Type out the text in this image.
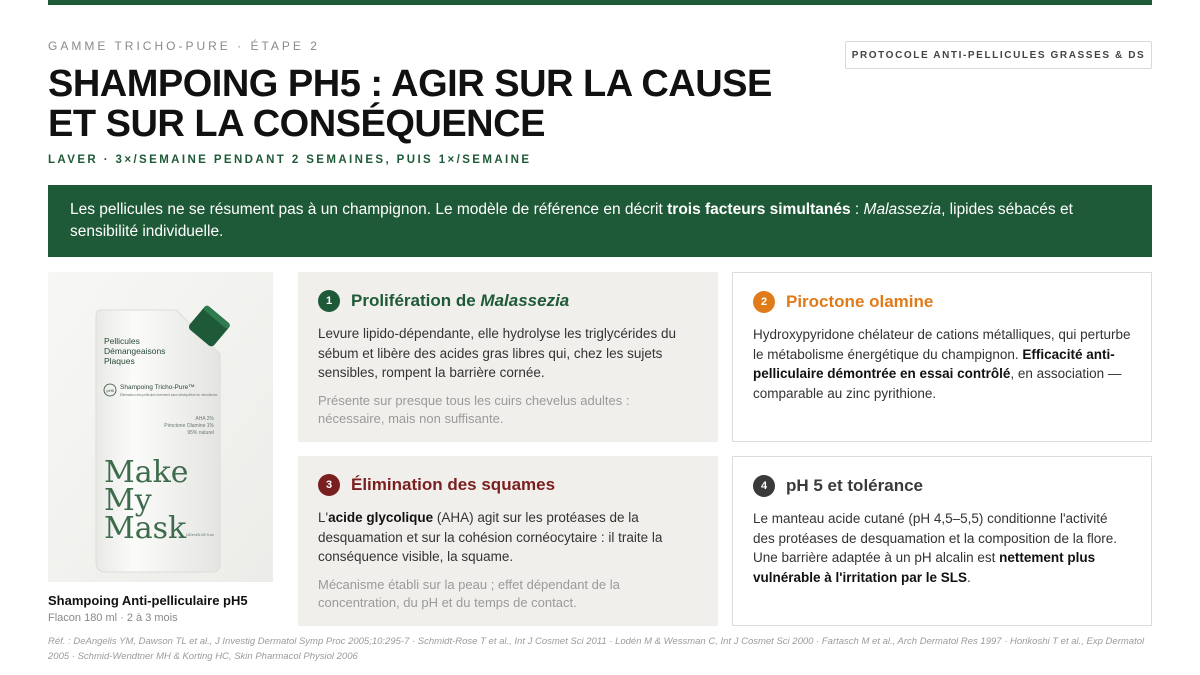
GAMME TRICHO-PURE · ÉTAPE 2
PROTOCOLE ANTI-PELLICULES GRASSES & DS
SHAMPOING PH5 : AGIR SUR LA CAUSE ET SUR LA CONSÉQUENCE
LAVER · 3×/SEMAINE PENDANT 2 SEMAINES, PUIS 1×/SEMAINE
Les pellicules ne se résument pas à un champignon. Le modèle de référence en décrit trois facteurs simultanés : Malassezia, lipides sébacés et sensibilité individuelle.
Pellicules
Démangeaisons
Plaques
pH5 Shampoing Tricho-Pure™
Élimination des pellicules fortement sans déséquilibre du microbiome
AHA 2%
Piroctone Olamine 1%
95% naturel
Make
My
Mask 180ml/6.08 fl.oz
Shampoing Anti-pelliculaire pH5
Flacon 180 ml · 2 à 3 mois
1	Prolifération de Malassezia
Levure lipido-dépendante, elle hydrolyse les triglycérides du sébum et libère des acides gras libres qui, chez les sujets sensibles, rompent la barrière cornée.
Présente sur presque tous les cuirs chevelus adultes : nécessaire, mais non suffisante.
2	Piroctone olamine
Hydroxypyridone chélateur de cations métalliques, qui perturbe le métabolisme énergétique du champignon. Efficacité anti-pelliculaire démontrée en essai contrôlé, en association — comparable au zinc pyrithione.
3	Élimination des squames
L'acide glycolique (AHA) agit sur les protéases de la desquamation et sur la cohésion cornéocytaire : il traite la conséquence visible, la squame.
Mécanisme établi sur la peau ; effet dépendant de la concentration, du pH et du temps de contact.
4	pH 5 et tolérance
Le manteau acide cutané (pH 4,5–5,5) conditionne l'activité des protéases de desquamation et la composition de la flore.
Une barrière adaptée à un pH alcalin est nettement plus vulnérable à l'irritation par le SLS.
Réf. : DeAngelis YM, Dawson TL et al., J Investig Dermatol Symp Proc 2005;10:295-7 · Schmidt-Rose T et al., Int J Cosmet Sci 2011 · Lodén M & Wessman C, Int J Cosmet Sci 2000 · Fartasch M et al., Arch Dermatol Res 1997 · Horikoshi T et al., Exp Dermatol 2005 · Schmid-Wendtner MH & Korting HC, Skin Pharmacol Physiol 2006
